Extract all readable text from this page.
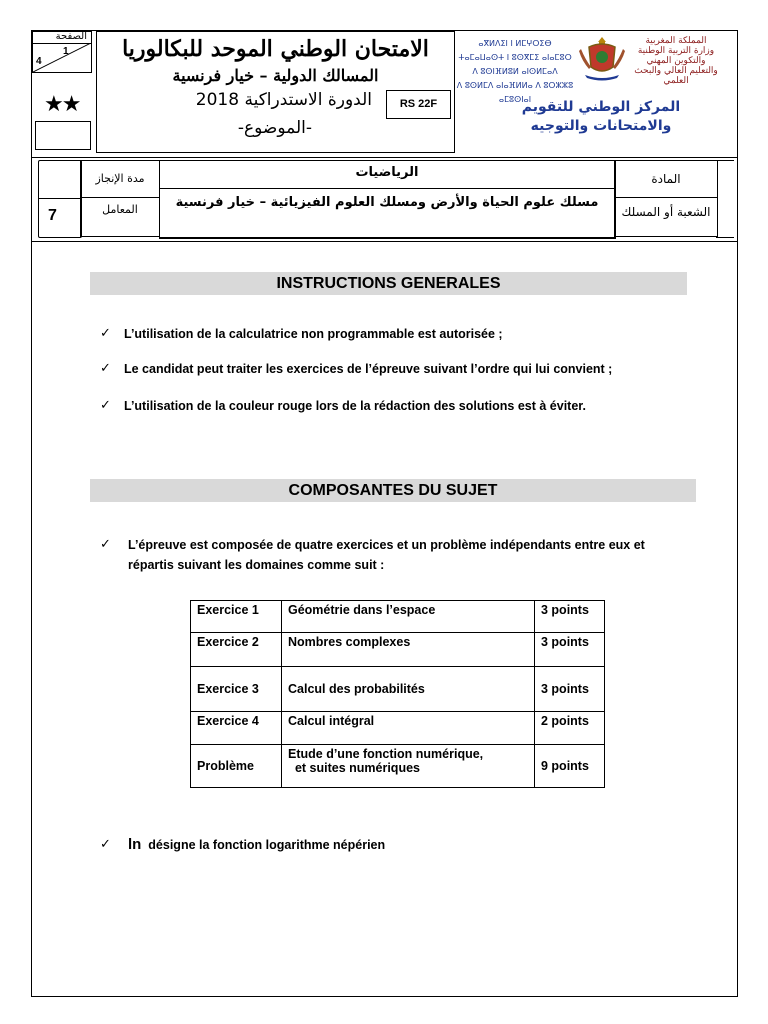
الصفحة
1
4
★★
الامتحان الوطني الموحد للبكالوريا
المسالك الدولية – خيار فرنسية
الدورة الاستدراكية 2018
-الموضوع-
RS 22F
ⴰⴳⵍⴷⵉⵏ ⵏ ⵍⵎⵖⵔⵉⴱ
ⵜⴰⵎⴰⵡⴰⵙⵜ ⵏ ⵓⵙⴳⵎⵉ ⴰⵏⴰⵎⵓⵔ
ⴷ ⵓⵙⵏⴼⵍⵓⵍ ⴰⵏⵙⵍⵎⴰⴷ
ⴷ ⵓⵙⵍⵎⴷ ⴰⵏⴰⴼⵍⵍⴰ ⴷ ⵓⵔⵣⵣⵓ ⴰⵎⵓⵙⵏⴰⵏ
المملكة المغربية
وزارة التربية الوطنية
والتكوين المهني
والتعليم العالي والبحث العلمي
المركز الوطني للتقويم والامتحانات والتوجيه
7
مدة الإنجاز
المعامل
الرياضيات
مسلك علوم الحياة والأرض ومسلك العلوم الفيزيائية – خيار فرنسية
المادة
الشعبة أو المسلك
INSTRUCTIONS GENERALES
✓ L’utilisation de la calculatrice non programmable est autorisée ;
✓ Le candidat peut traiter les exercices de l’épreuve suivant l’ordre qui lui convient ;
✓ L’utilisation de la couleur rouge lors de la rédaction des solutions est à éviter.
COMPOSANTES DU SUJET
✓ L’épreuve est composée de quatre exercices et un problème indépendants entre eux et
répartis suivant les domaines comme suit :
Exercice 1	Géométrie dans l’espace	3 points
Exercice 2	Nombres complexes	3 points
Exercice 3	Calcul des probabilités	3 points
Exercice 4	Calcul intégral	2 points
Problème	Etude d’une fonction numérique,
et suites numériques	9 points
✓ ln désigne la fonction logarithme népérien
